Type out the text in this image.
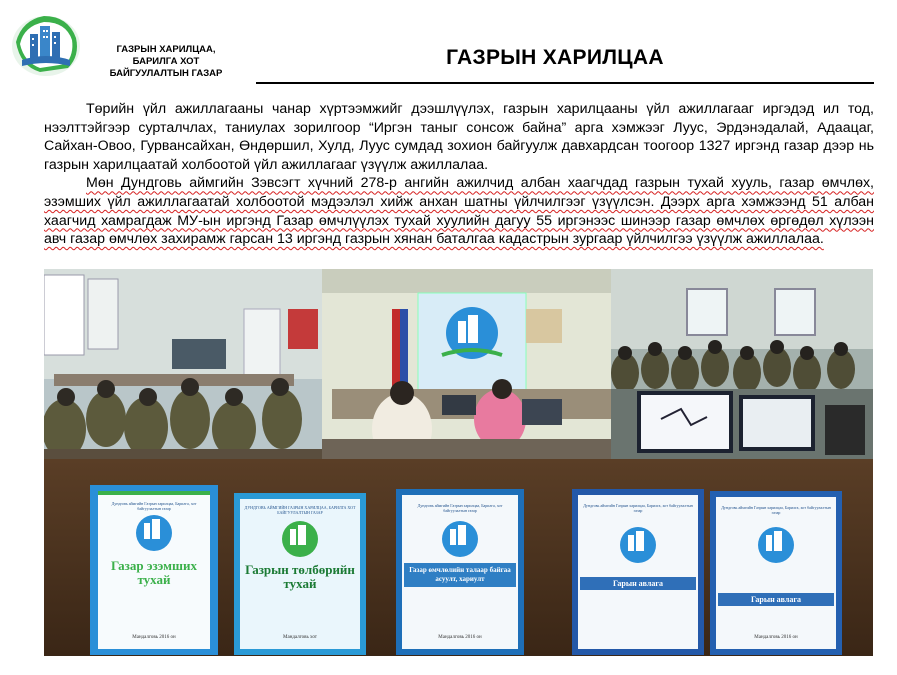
ГАЗРЫН ХАРИЛЦАА,
БАРИЛГА ХОТ
БАЙГУУЛАЛТЫН ГАЗАР
ГАЗРЫН ХАРИЛЦАА

Төрийн үйл ажиллагааны чанар хүртээмжийг дээшлүүлэх, газрын харилцааны үйл ажиллагааг иргэдэд ил тод, нээлттэйгээр сурталчлах, таниулах зорилгоор “Иргэн таныг сонсож байна” арга хэмжээг Луус, Эрдэнэдалай, Адаацаг, Сайхан-Овоо, Гурвансайхан, Өндөршил, Хулд, Луус сумдад зохион байгуулж давхардсан тоогоор 1327 иргэнд газар дээр нь газрын харилцаатай холбоотой үйл ажиллагааг үзүүлж ажиллалаа.

Мөн Дундговь аймгийн Зэвсэгт хүчний 278-р ангийн ажилчид албан хаагчдад газрын тухай хууль, газар өмчлөх, эзэмших үйл ажиллагаатай холбоотой мэдээлэл хийж анхан шатны үйлчилгээг үзүүлсэн. Дээрх арга хэмжээнд 51 албан хаагчид хамрагдаж МУ-ын иргэнд Газар өмчлүүлэх тухай хуулийн дагуу 55 иргэнээс шинээр газар өмчлөх өргөдөл хүлээн авч газар өмчлөх захирамж гарсан 13 иргэнд газрын хянан баталгаа кадастрын зургаар үйлчилгээ үзүүлж ажиллалаа.

Газар эзэмших тухай
Мандалговь 2016 он
Газрын төлбөрийн тухай
Мандалговь хот
Газар өмчлөлийн талаар байгаа асуулт, хариулт
Мандалговь 2016 он
Гарын авлага
Гарын авлага
Мандалговь 2016 он
Дундговь аймгийн Газрын харилцаа, Барилга, хот байгуулалтын газар	ДУНДГОВЬ АЙМГИЙН ГАЗРЫН ХАРИЛЦАА, БАРИЛГА ХОТ БАЙГУУЛАЛТЫН ГАЗАР
Дундговь аймгийн Газрын харилцаа, Барилга, хот байгуулалтын газар
Дундговь аймгийн Газрын харилцаа, Барилга, хот байгуулалтын газар
Дундговь аймгийн Газрын харилцаа, Барилга, хот байгуулалтын газар
